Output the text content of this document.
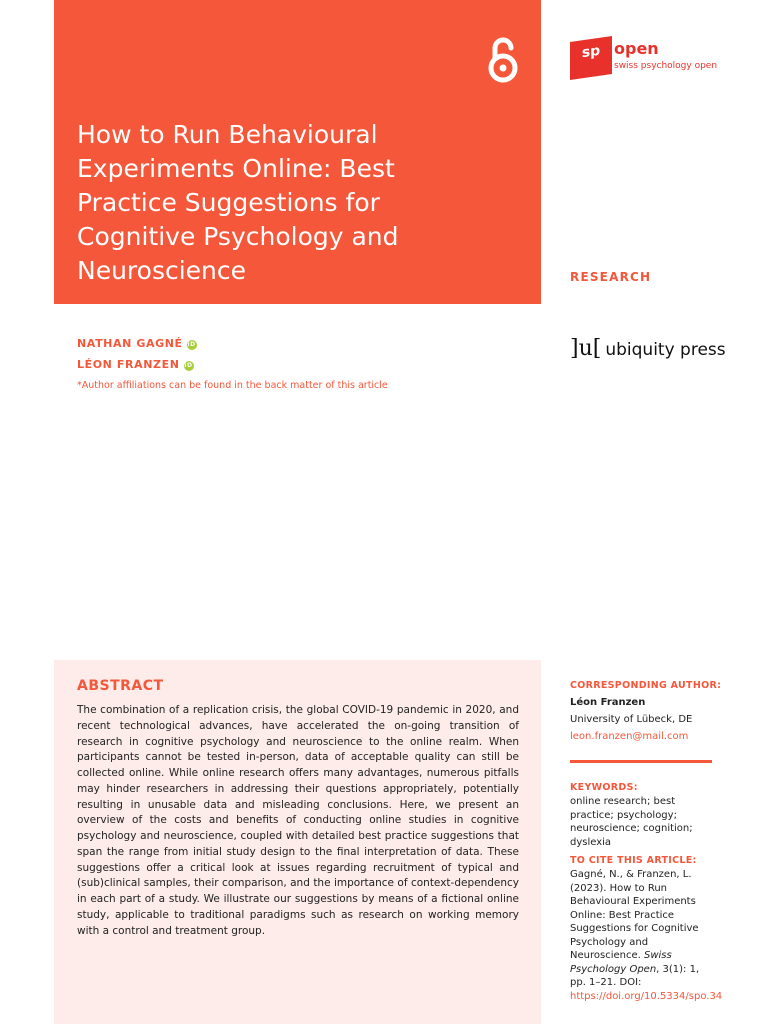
How to Run Behavioural Experiments Online: Best Practice Suggestions for Cognitive Psychology and Neuroscience
sp open
swiss psychology open
RESEARCH
NATHAN GAGNÉ iD
LÉON FRANZEN iD
*Author affiliations can be found in the back matter of this article
]u[ ubiquity press
ABSTRACT

The combination of a replication crisis, the global COVID-19 pandemic in 2020, and recent technological advances, have accelerated the on-going transition of research in cognitive psychology and neuroscience to the online realm. When participants cannot be tested in-person, data of acceptable quality can still be collected online. While online research offers many advantages, numerous pitfalls may hinder researchers in addressing their questions appropriately, potentially resulting in unusable data and misleading conclusions. Here, we present an overview of the costs and benefits of conducting online studies in cognitive psychology and neuroscience, coupled with detailed best practice suggestions that span the range from initial study design to the final interpretation of data. These suggestions offer a critical look at issues regarding recruitment of typical and (sub)clinical samples, their comparison, and the importance of context-dependency in each part of a study. We illustrate our suggestions by means of a fictional online study, applicable to traditional paradigms such as research on working memory with a control and treatment group.

CORRESPONDING AUTHOR:

Léon Franzen

University of Lübeck, DE

leon.franzen@mail.com

KEYWORDS:

online research; best practice; psychology; neuroscience; cognition; dyslexia

TO CITE THIS ARTICLE:

Gagné, N., & Franzen, L. (2023). How to Run Behavioural Experiments Online: Best Practice Suggestions for Cognitive Psychology and Neuroscience. Swiss Psychology Open, 3(1): 1, pp. 1–21. DOI: https://doi.org/10.5334/spo.34
